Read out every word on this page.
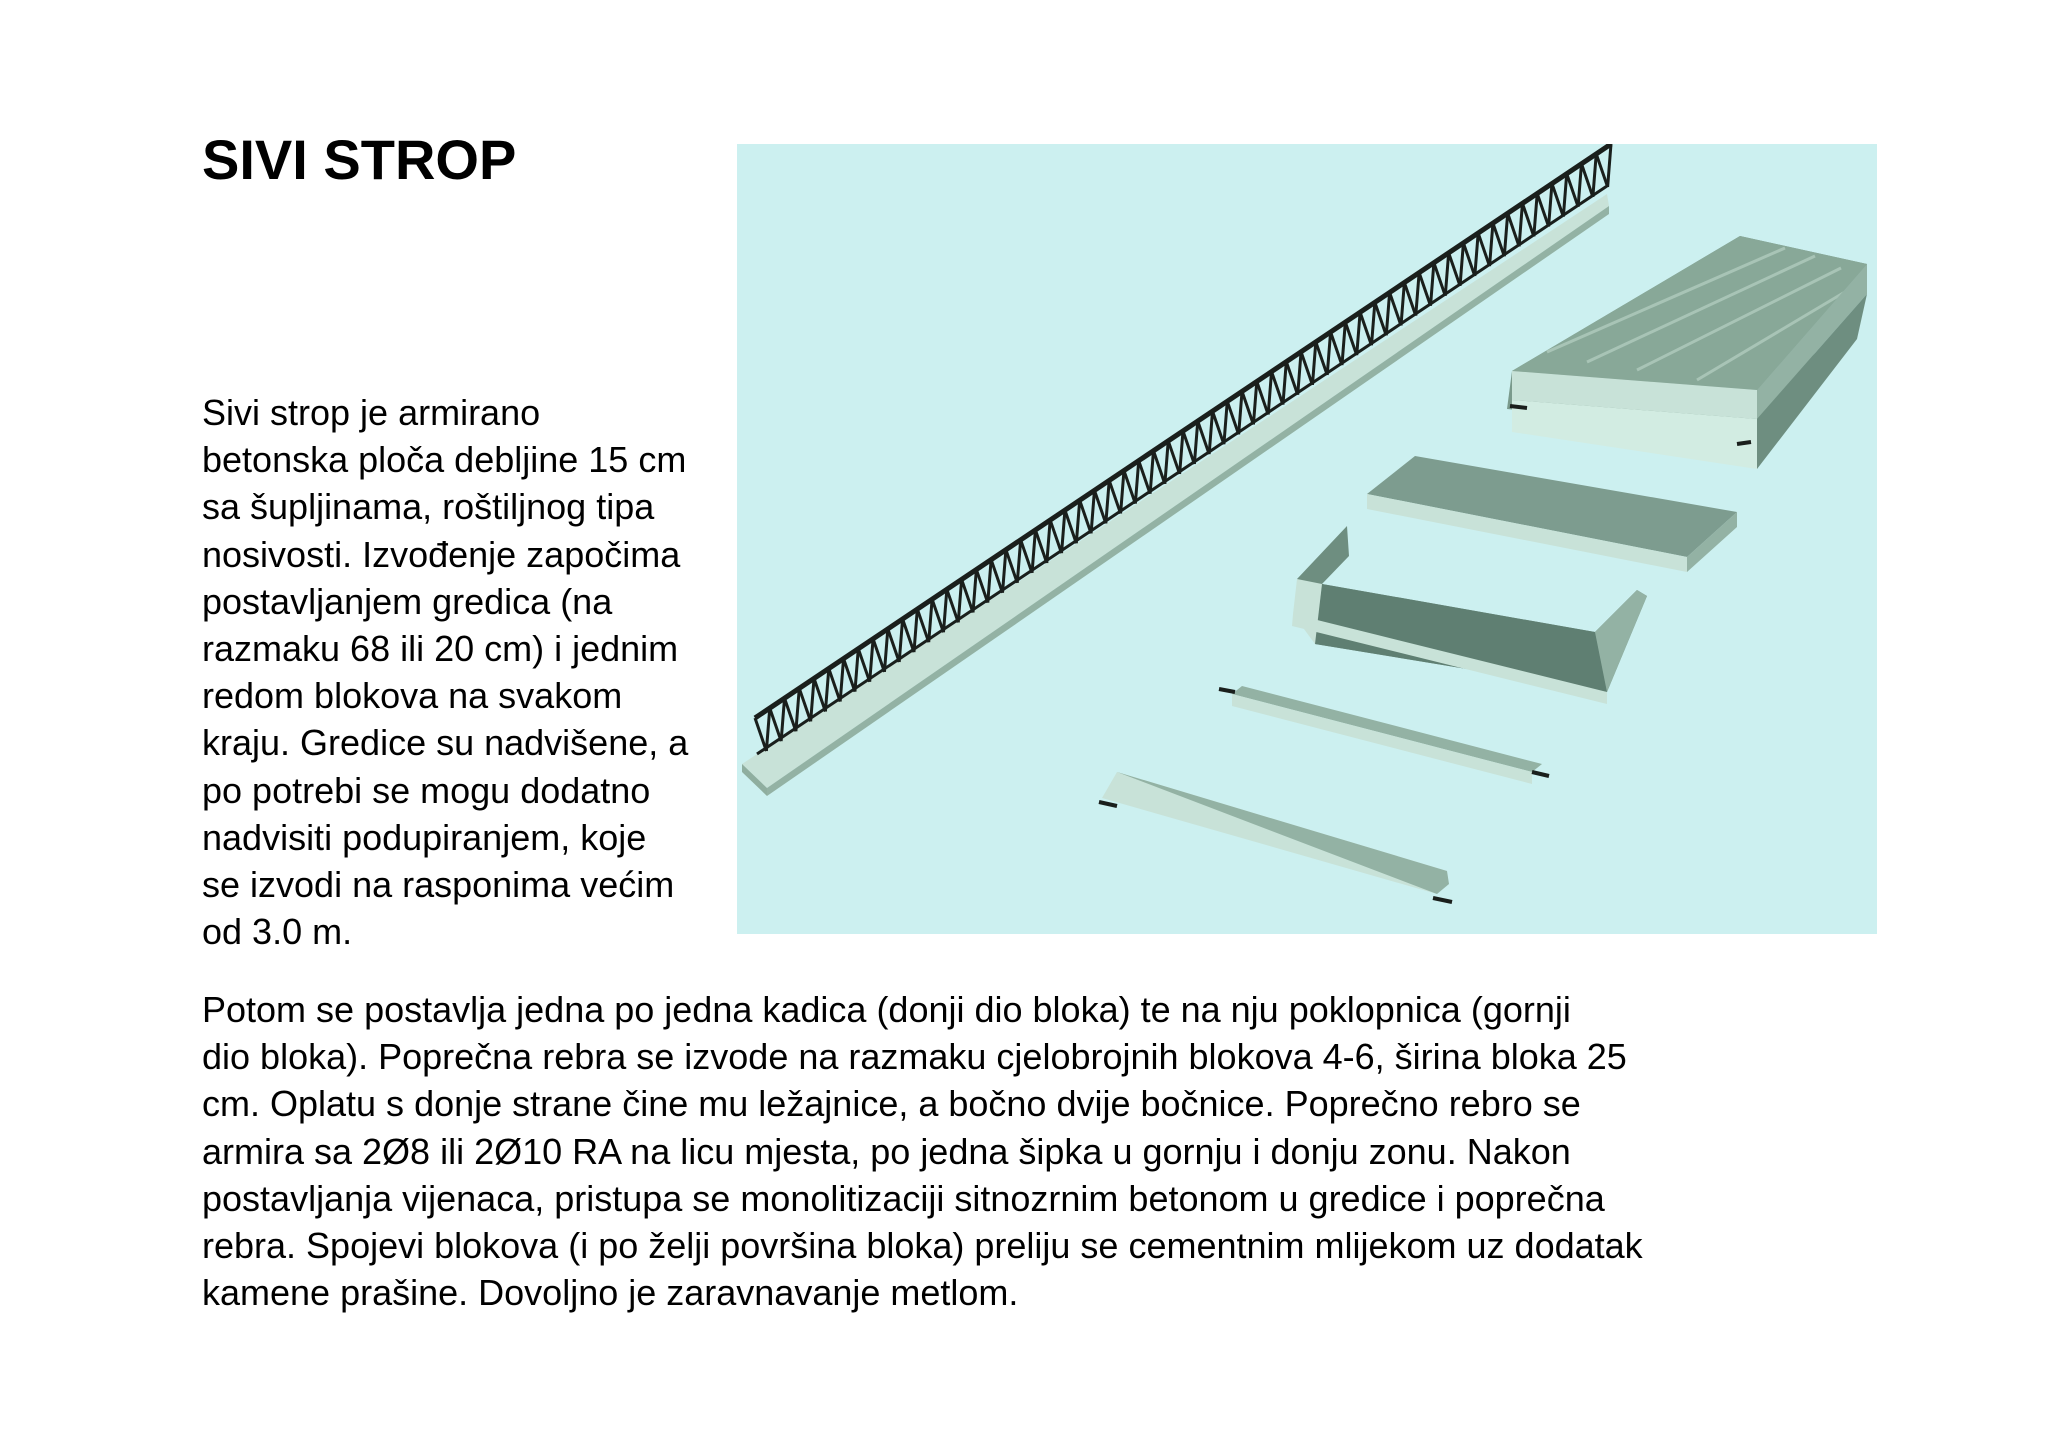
SIVI STROP

Sivi strop je armirano
betonska ploča debljine 15 cm
sa šupljinama, roštiljnog tipa
nosivosti. Izvođenje započima
postavljanjem gredica (na
razmaku 68 ili 20 cm) i jednim
redom blokova na svakom
kraju. Gredice su nadvišene, a
po potrebi se mogu dodatno
nadvisiti podupiranjem, koje
se izvodi na rasponima većim
od 3.0 m.

Potom se postavlja jedna po jedna kadica (donji dio bloka) te na nju poklopnica (gornji
dio bloka). Poprečna rebra se izvode na razmaku cjelobrojnih blokova 4-6, širina bloka 25
cm. Oplatu s donje strane čine mu ležajnice, a bočno dvije bočnice. Poprečno rebro se
armira sa 2Ø8 ili 2Ø10 RA na licu mjesta, po jedna šipka u gornju i donju zonu. Nakon
postavljanja vijenaca, pristupa se monolitizaciji sitnozrnim betonom u gredice i poprečna
rebra. Spojevi blokova (i po želji površina bloka) preliju se cementnim mlijekom uz dodatak
kamene prašine. Dovoljno je zaravnavanje metlom.
